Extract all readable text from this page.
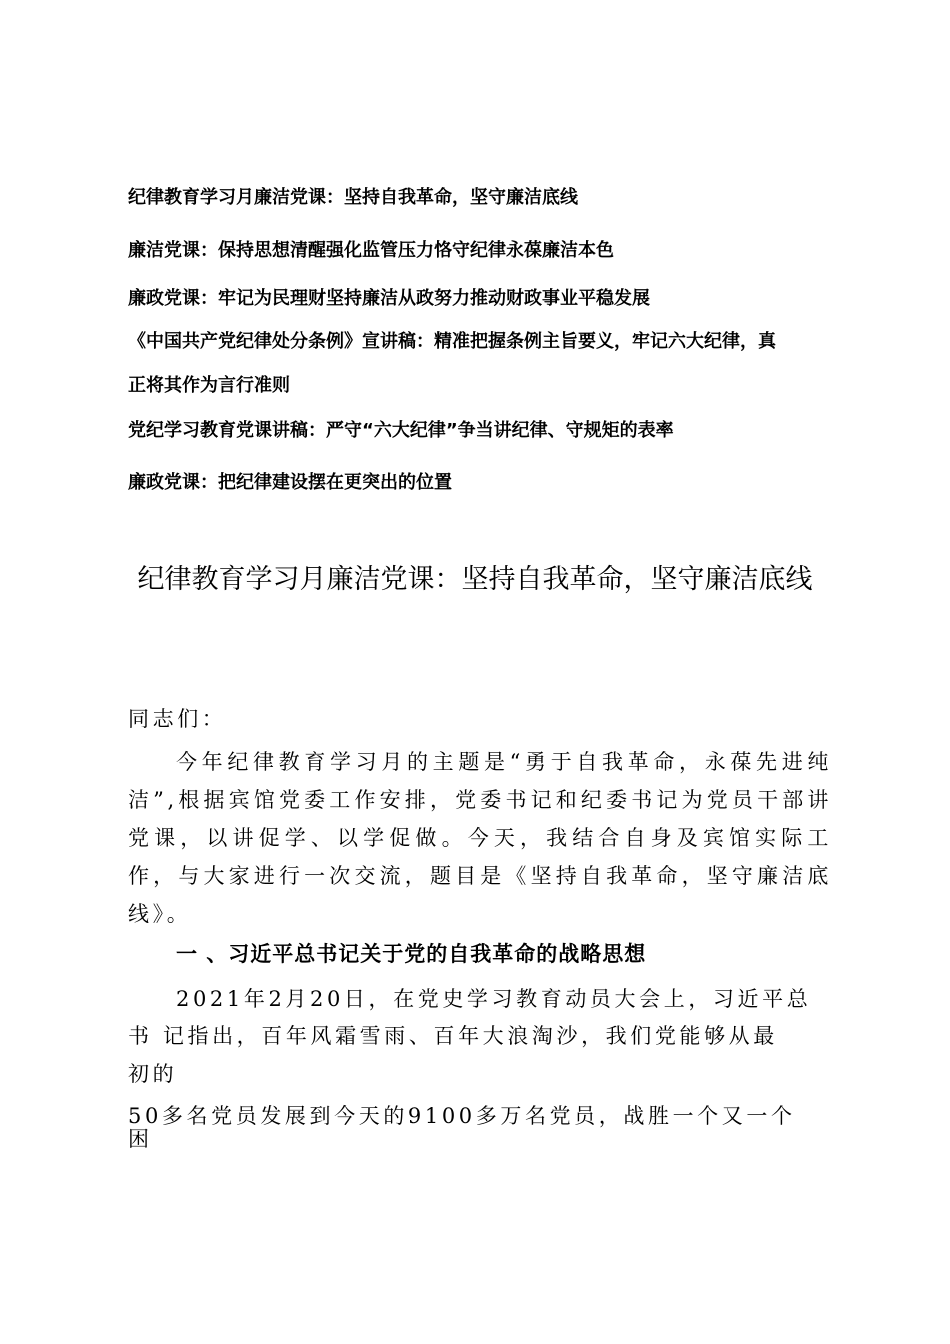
纪律教育学习月廉洁党课：坚持自我革命，坚守廉洁底线
廉洁党课：保持思想清醒强化监管压力恪守纪律永葆廉洁本色
廉政党课：牢记为民理财坚持廉洁从政努力推动财政事业平稳发展
《中国共产党纪律处分条例》宣讲稿：精准把握条例主旨要义，牢记六大纪律，真
正将其作为言行准则
党纪学习教育党课讲稿：严守“六大纪律”争当讲纪律、守规矩的表率
廉政党课：把纪律建设摆在更突出的位置
纪律教育学习月廉洁党课：坚持自我革命，坚守廉洁底线
同志们：
今年纪律教育学习月的主题是“勇于自我革命，永葆先进纯洁”,根据宾馆党委工作安排，党委书记和纪委书记为党员干部讲党课，以讲促学、以学促做。今天，我结合自身及宾馆实际工作，与大家进行一次交流，题目是《坚持自我革命，坚守廉洁底线》。
一 、习近平总书记关于党的自我革命的战略思想
2021年2月20日，在党史学习教育动员大会上，习近平总
书 记指出，百年风霜雪雨、百年大浪淘沙，我们党能够从最
初的
50多名党员发展到今天的9100多万名党员，战胜一个又一个
困
